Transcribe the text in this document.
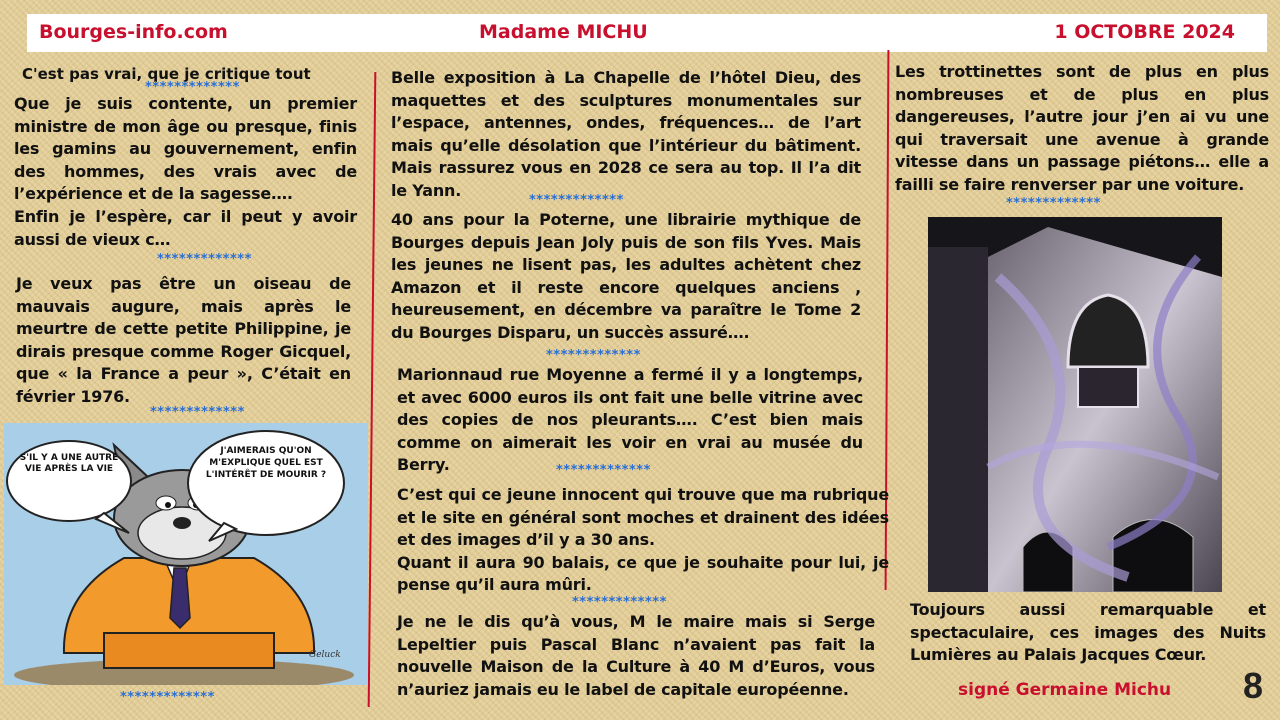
Bourges-info.com	Madame MICHU	1 OCTOBRE 2024
C'est pas vrai, que je critique tout
*************

Que je suis contente, un premier ministre de mon âge ou presque, finis les gamins au gouvernement, enfin des hommes, des vrais avec de l’expérience et de la sagesse….

Enfin je l’espère, car il peut y avoir aussi de vieux c…

*************

Je veux pas être un oiseau de mauvais augure, mais après le meurtre de cette petite Philippine, je dirais presque comme Roger Gicquel, que « la France a peur », C’était en février 1976.

*************
S'IL Y A UNE AUTRE VIE APRÈS LA VIE
J'AIMERAIS QU'ON M'EXPLIQUE QUEL EST L'INTÉRÊT DE MOURIR ?
Geluck
*************

Belle exposition à La Chapelle de l’hôtel Dieu, des maquettes et des sculptures monumentales sur l’espace, antennes, ondes, fréquences… de l’art mais qu’elle désolation que l’intérieur du bâtiment. Mais rassurez vous en 2028 ce sera au top. Il l’a dit le Yann.

*************

40 ans pour la Poterne, une librairie mythique de Bourges depuis Jean Joly puis de son fils Yves. Mais les jeunes ne lisent pas, les adultes achètent chez Amazon et il reste encore quelques anciens , heureusement, en décembre va paraître le Tome 2 du Bourges Disparu, un succès assuré….

*************

Marionnaud rue Moyenne a fermé il y a longtemps, et avec 6000 euros ils ont fait une belle vitrine avec des copies de nos pleurants…. C’est bien mais comme on aimerait les voir en vrai au musée du Berry.	*************

C’est qui ce jeune innocent qui trouve que ma rubrique et le site en général sont moches et drainent des idées et des images d’il y a 30 ans.

Quant il aura 90 balais, ce que je souhaite pour lui, je pense qu’il aura mûri.

*************

Je ne le dis qu’à vous, M le maire mais si Serge Lepeltier puis Pascal Blanc n’avaient pas fait la nouvelle Maison de la Culture à 40 M d’Euros, vous n’auriez jamais eu le label de capitale européenne.

Les trottinettes sont de plus en plus nombreuses et de plus en plus dangereuses, l’autre jour j’en ai vu une qui traversait une avenue à grande vitesse dans un passage piétons… elle a failli se faire renverser par une voiture.

*************

Toujours aussi remarquable et spectaculaire, ces images des Nuits Lumières au Palais Jacques Cœur.

signé Germaine Michu 8
